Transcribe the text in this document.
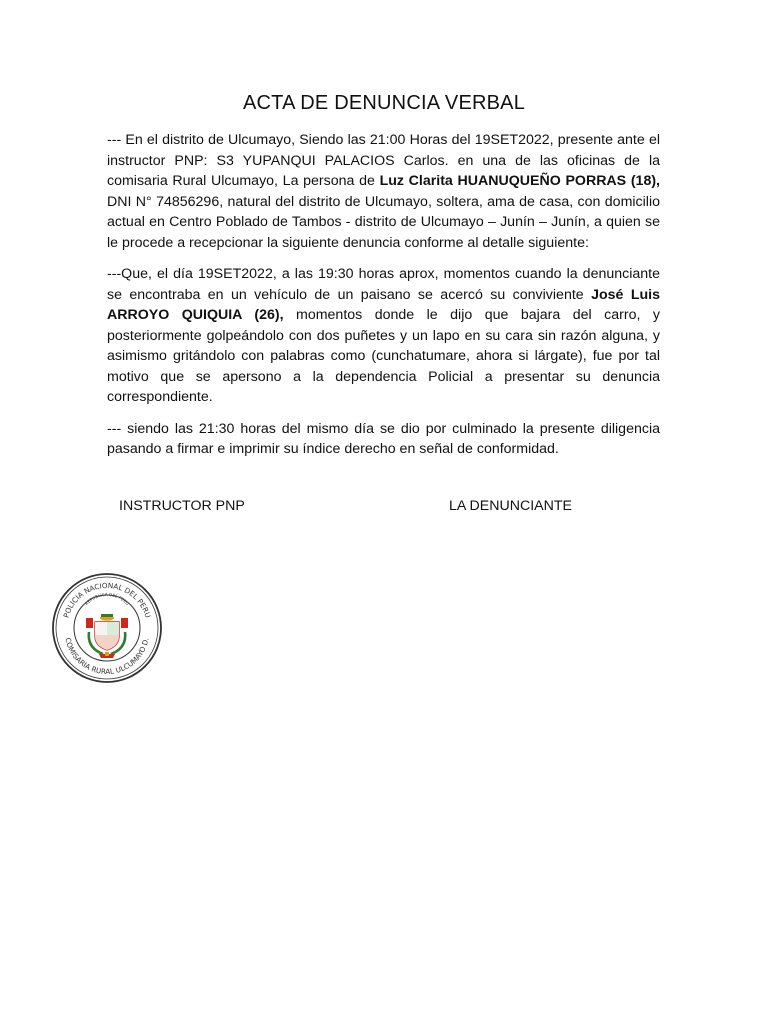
ACTA DE DENUNCIA VERBAL

--- En el distrito de Ulcumayo, Siendo las 21:00 Horas del 19SET2022, presente ante el instructor PNP: S3 YUPANQUI PALACIOS Carlos. en una de las oficinas de la comisaria Rural Ulcumayo, La persona de Luz Clarita HUANUQUEÑO PORRAS (18), DNI N° 74856296, natural del distrito de Ulcumayo, soltera, ama de casa, con domicilio actual en Centro Poblado de Tambos - distrito de Ulcumayo – Junín – Junín, a quien se le procede a recepcionar la siguiente denuncia conforme al detalle siguiente:

---Que, el día 19SET2022, a las 19:30 horas aprox, momentos cuando la denunciante se encontraba en un vehículo de un paisano se acercó su conviviente José Luis ARROYO QUIQUIA (26), momentos donde le dijo que bajara del carro, y posteriormente golpeándolo con dos puñetes y un lapo en su cara sin razón alguna, y asimismo gritándolo con palabras como (cunchatumare, ahora si lárgate), fue por tal motivo que se apersono a la dependencia Policial a presentar su denuncia correspondiente.

--- siendo las 21:30 horas del mismo día se dio por culminado la presente diligencia pasando a firmar e imprimir su índice derecho en señal de conformidad.

INSTRUCTOR PNP	LA DENUNCIANTE
POLICIA NACIONAL DEL PERU
COMISARIA RURAL ULCUMAYO D.
REPUBLICA DEL PERU
